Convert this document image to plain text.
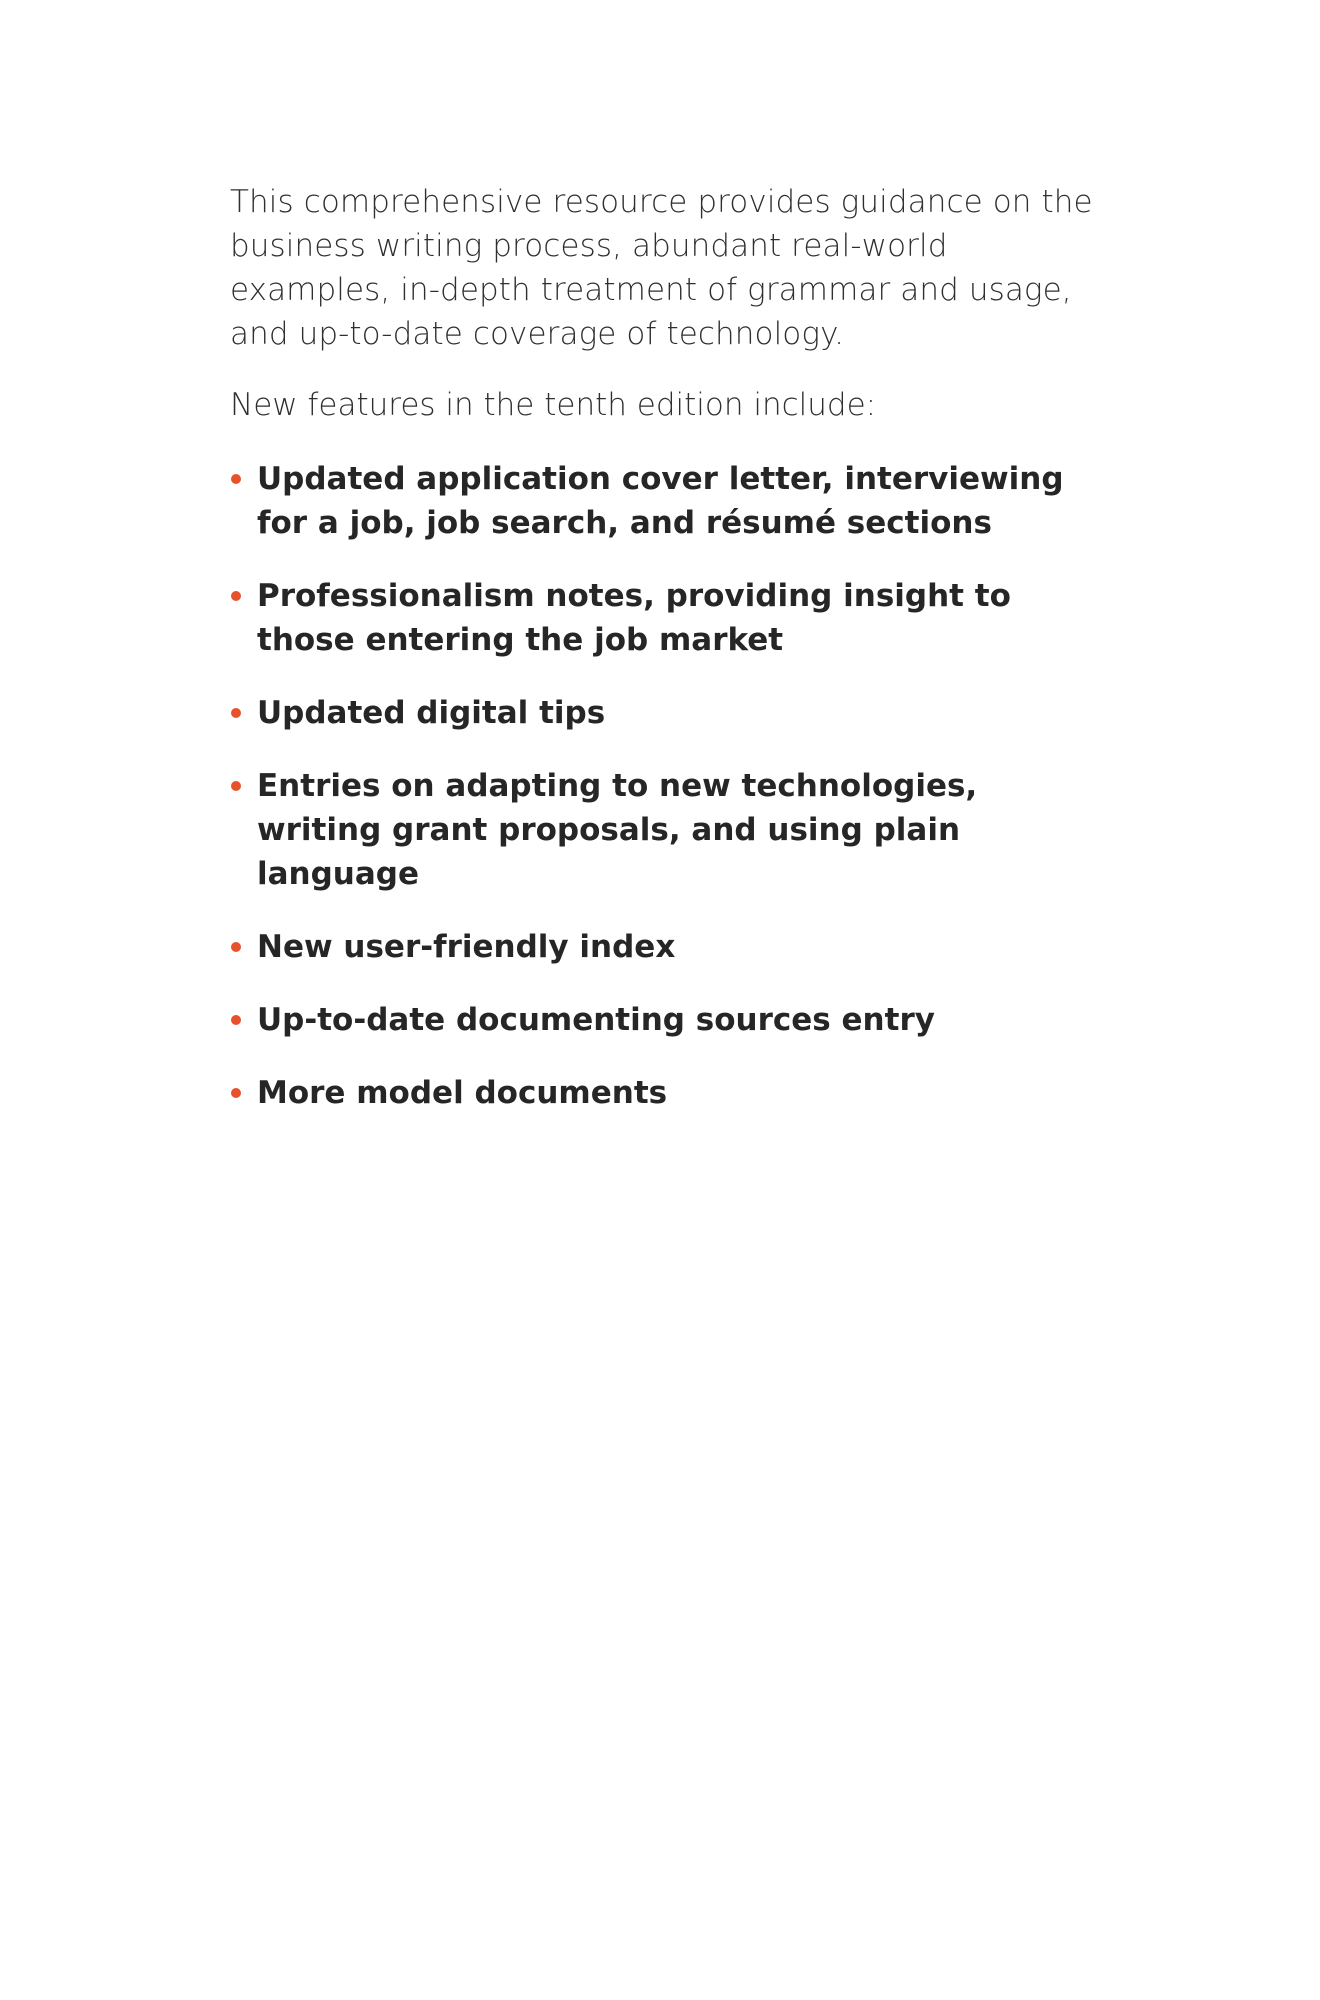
This comprehensive resource provides guidance on the business writing process, abundant real-world examples, in-depth treatment of grammar and usage, and up-to-date coverage of technology.

New features in the tenth edition include:

Updated application cover letter, interviewing for a job, job search, and résumé sections
Professionalism notes, providing insight to those entering the job market
Updated digital tips
Entries on adapting to new technologies, writing grant proposals, and using plain language
New user-friendly index
Up-to-date documenting sources entry
More model documents
